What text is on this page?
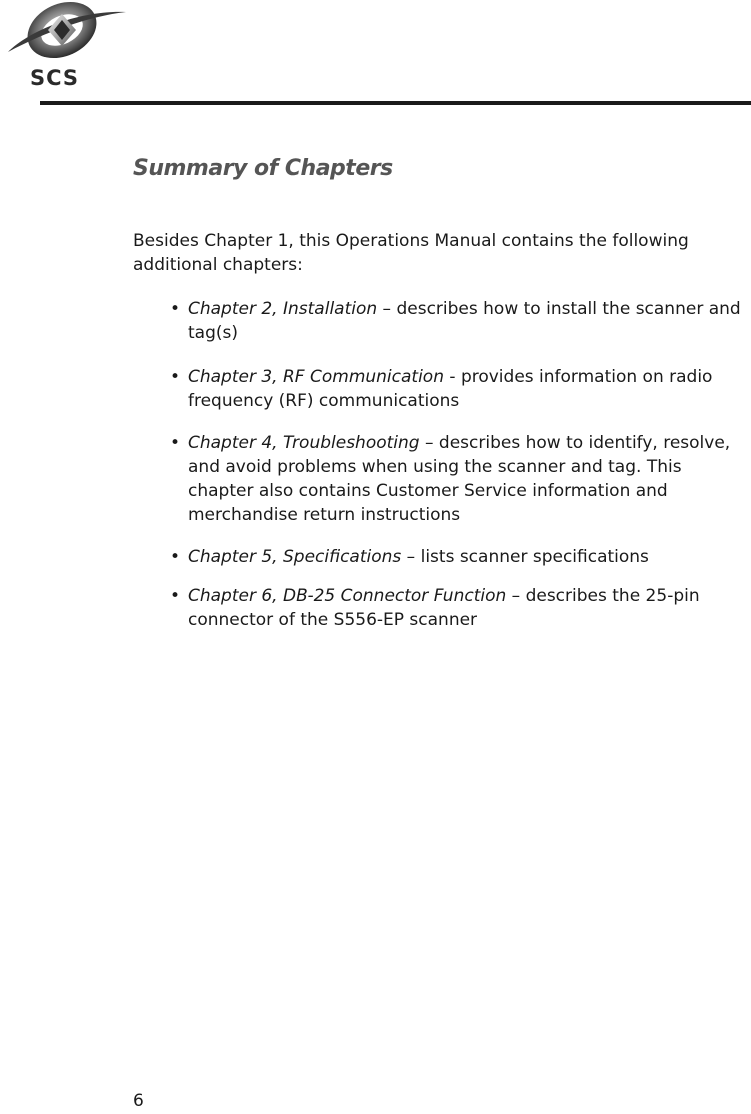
SCS
Summary of Chapters

Besides Chapter 1, this Operations Manual contains the following additional chapters:

• Chapter 2, Installation – describes how to install the scanner and tag(s)
• Chapter 3, RF Communication - provides information on radio frequency (RF) communications
• Chapter 4, Troubleshooting – describes how to identify, resolve, and avoid problems when using the scanner and tag. This chapter also contains Customer Service information and merchandise return instructions
• Chapter 5, Specifications – lists scanner specifications
• Chapter 6, DB-25 Connector Function – describes the 25-pin connector of the S556-EP scanner
6
